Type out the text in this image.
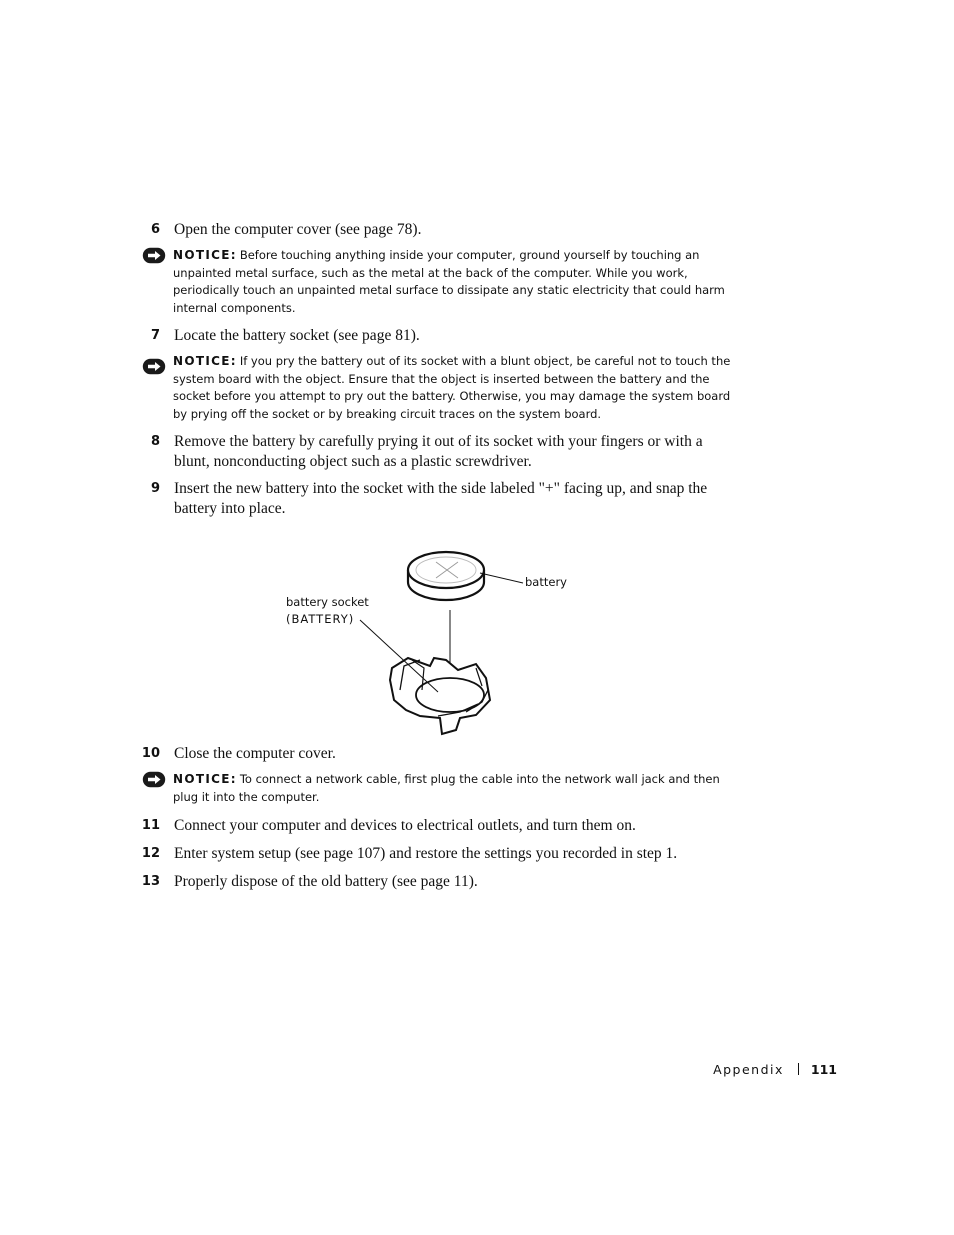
6 Open the computer cover (see page 78).
NOTICE: Before touching anything inside your computer, ground yourself by touching an unpainted metal surface, such as the metal at the back of the computer. While you work, periodically touch an unpainted metal surface to dissipate any static electricity that could harm internal components.
7 Locate the battery socket (see page 81).
NOTICE: If you pry the battery out of its socket with a blunt object, be careful not to touch the system board with the object. Ensure that the object is inserted between the battery and the socket before you attempt to pry out the battery. Otherwise, you may damage the system board by prying off the socket or by breaking circuit traces on the system board.
8 Remove the battery by carefully prying it out of its socket with your fingers or with a blunt, nonconducting object such as a plastic screwdriver.
9 Insert the new battery into the socket with the side labeled "+" facing up, and snap the battery into place.
battery
battery socket
(BATTERY)
10 Close the computer cover.
NOTICE: To connect a network cable, first plug the cable into the network wall jack and then plug it into the computer.
11 Connect your computer and devices to electrical outlets, and turn them on.
12 Enter system setup (see page 107) and restore the settings you recorded in step 1.
13 Properly dispose of the old battery (see page 11).
Appendix 111
